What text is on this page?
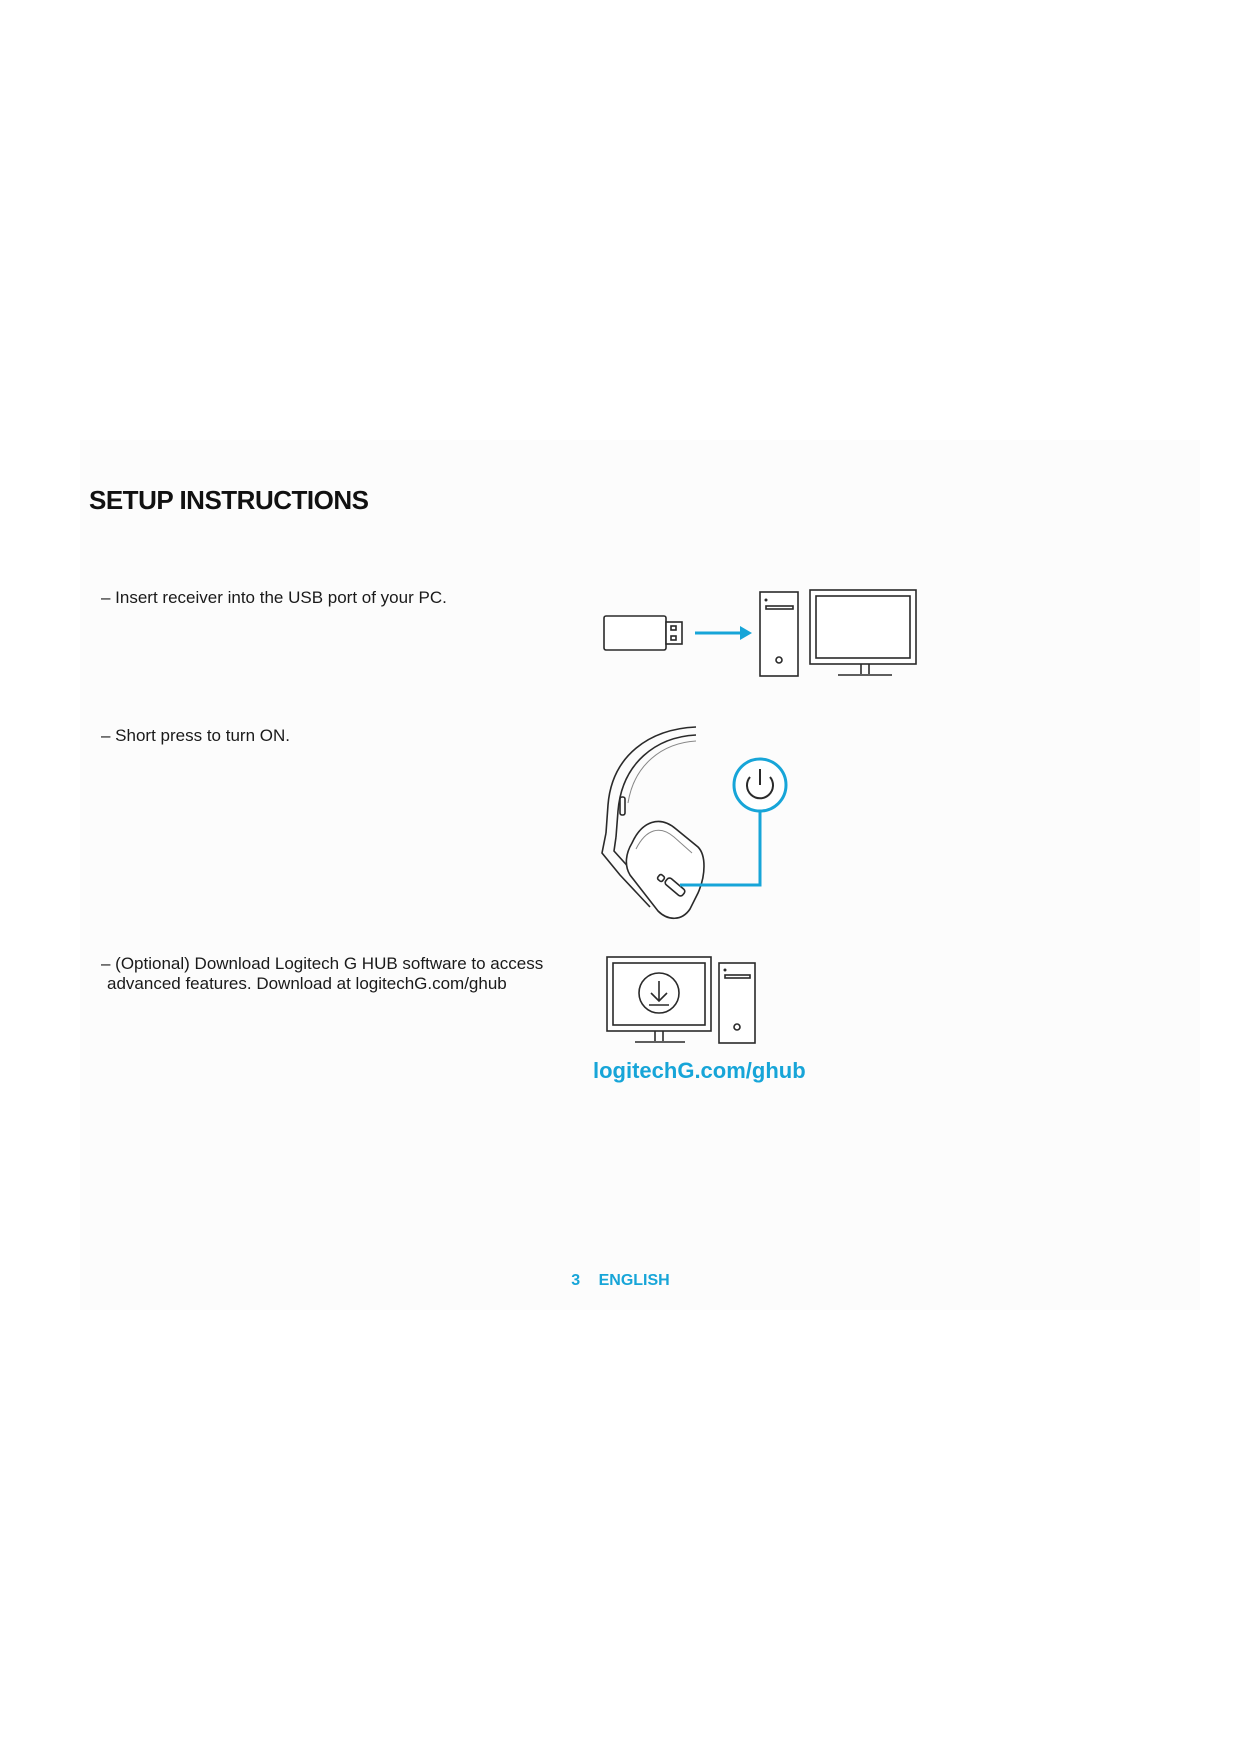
SETUP INSTRUCTIONS
– Insert receiver into the USB port of your PC.
– Short press to turn ON.
– (Optional) Download Logitech G HUB software to access
advanced features. Download at logitechG.com/ghub
logitechG.com/ghub
3 ENGLISH
